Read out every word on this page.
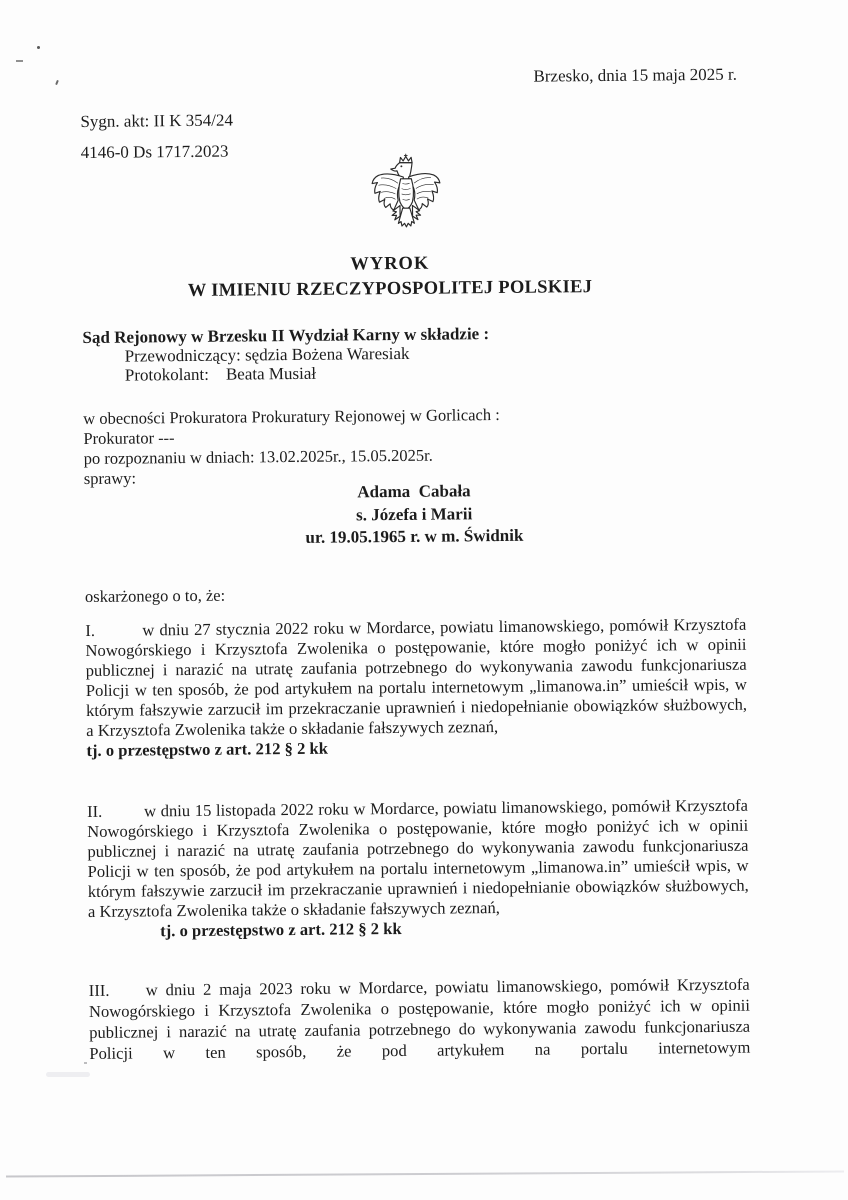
Brzesko, dnia 15 maja 2025 r.
Sygn. akt: II K 354/24
4146-0 Ds 1717.2023
WYROK
W IMIENIU RZECZYPOSPOLITEJ POLSKIEJ
Sąd Rejonowy w Brzesku II Wydział Karny w składzie :
Przewodniczący: sędzia Bożena Waresiak
Protokolant:    Beata Musiał
w obecności Prokuratora Prokuratury Rejonowej w Gorlicach :
Prokurator ---
po rozpoznaniu w dniach: 13.02.2025r., 15.05.2025r.
sprawy:
Adama  Cabała
s. Józefa i Marii
ur. 19.05.1965 r. w m. Świdnik
oskarżonego o to, że:
I.	w dniu 27 stycznia 2022 roku w Mordarce, powiatu limanowskiego, pomówił Krzysztofa Nowogórskiego i Krzysztofa Zwolenika o postępowanie, które mogło poniżyć ich w opinii publicznej i narazić na utratę zaufania potrzebnego do wykonywania zawodu funkcjonariusza Policji w ten sposób, że pod artykułem na portalu internetowym „limanowa.in” umieścił wpis, w którym fałszywie zarzucił im przekraczanie uprawnień i niedopełnianie obowiązków służbowych, a Krzysztofa Zwolenika także o składanie fałszywych zeznań,
tj. o przestępstwo z art. 212 § 2 kk
II.	w dniu 15 listopada 2022 roku w Mordarce, powiatu limanowskiego, pomówił Krzysztofa Nowogórskiego i Krzysztofa Zwolenika o postępowanie, które mogło poniżyć ich w opinii publicznej i narazić na utratę zaufania potrzebnego do wykonywania zawodu funkcjonariusza Policji w ten sposób, że pod artykułem na portalu internetowym „limanowa.in” umieścił wpis, w którym fałszywie zarzucił im przekraczanie uprawnień i niedopełnianie obowiązków służbowych, a Krzysztofa Zwolenika także o składanie fałszywych zeznań,
tj. o przestępstwo z art. 212 § 2 kk
III. w dniu 2 maja 2023 roku w Mordarce, powiatu limanowskiego, pomówił Krzysztofa Nowogórskiego i Krzysztofa Zwolenika o postępowanie, które mogło poniżyć ich w opinii publicznej i narazić na utratę zaufania potrzebnego do wykonywania zawodu funkcjonariusza Policji w ten sposób, że pod artykułem na portalu internetowym
